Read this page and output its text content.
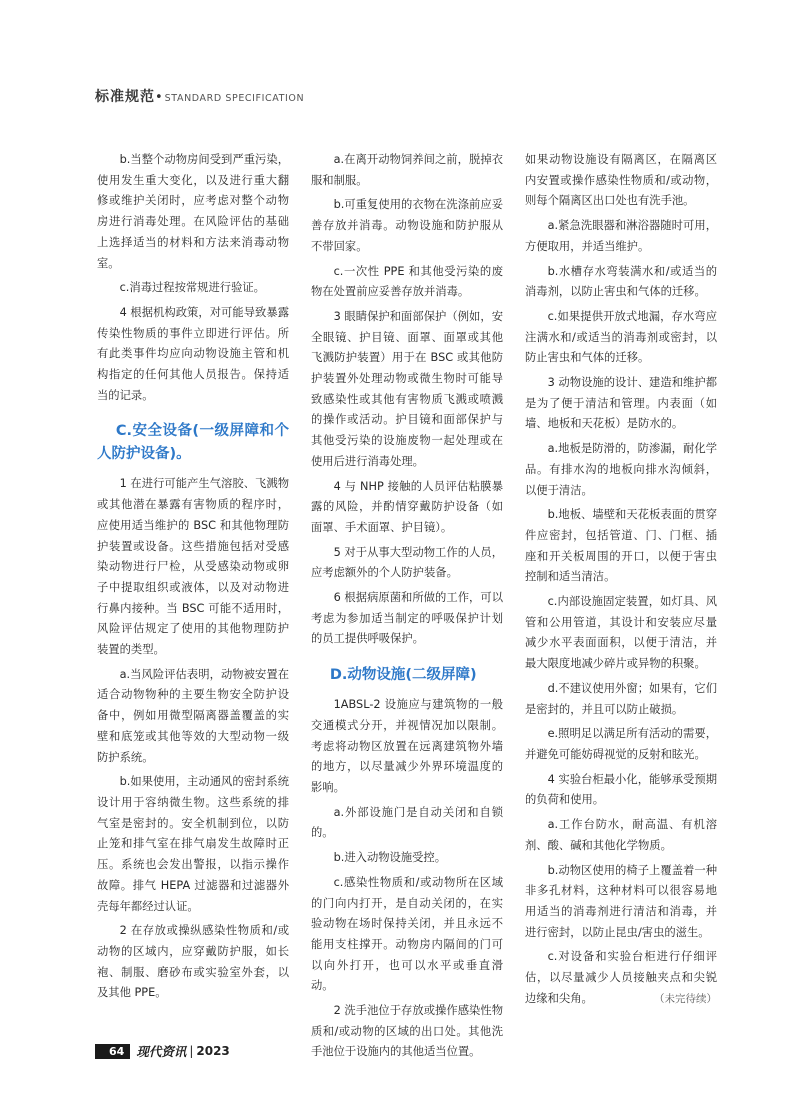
标准规范• STANDARD SPECIFICATION

b.当整个动物房间受到严重污染，使用发生重大变化，以及进行重大翻修或维护关闭时，应考虑对整个动物房进行消毒处理。在风险评估的基础上选择适当的材料和方法来消毒动物室。

c.消毒过程按常规进行验证。

4 根据机构政策，对可能导致暴露传染性物质的事件立即进行评估。所有此类事件均应向动物设施主管和机构指定的任何其他人员报告。保持适当的记录。

C.安全设备(一级屏障和个人防护设备)。

1 在进行可能产生气溶胶、飞溅物或其他潜在暴露有害物质的程序时，应使用适当维护的 BSC 和其他物理防护装置或设备。这些措施包括对受感染动物进行尸检，从受感染动物或卵子中提取组织或液体，以及对动物进行鼻内接种。当 BSC 可能不适用时，风险评估规定了使用的其他物理防护装置的类型。

a.当风险评估表明，动物被安置在适合动物物种的主要生物安全防护设备中，例如用微型隔离器盖覆盖的实壁和底笼或其他等效的大型动物一级防护系统。

b.如果使用，主动通风的密封系统设计用于容纳微生物。这些系统的排气室是密封的。安全机制到位，以防止笼和排气室在排气扇发生故障时正压。系统也会发出警报，以指示操作故障。排气 HEPA 过滤器和过滤器外壳每年都经过认证。

2 在存放或操纵感染性物质和/或动物的区域内，应穿戴防护服，如长袍、制服、磨砂布或实验室外套，以及其他 PPE。

a.在离开动物饲养间之前，脱掉衣服和制服。

b.可重复使用的衣物在洗涤前应妥善存放并消毒。动物设施和防护服从不带回家。

c.一次性 PPE 和其他受污染的废物在处置前应妥善存放并消毒。

3 眼睛保护和面部保护（例如，安全眼镜、护目镜、面罩、面罩或其他飞溅防护装置）用于在 BSC 或其他防护装置外处理动物或微生物时可能导致感染性或其他有害物质飞溅或喷溅的操作或活动。护目镜和面部保护与其他受污染的设施废物一起处理或在使用后进行消毒处理。

4 与 NHP 接触的人员评估粘膜暴露的风险，并酌情穿戴防护设备（如面罩、手术面罩、护目镜）。

5 对于从事大型动物工作的人员，应考虑额外的个人防护装备。

6 根据病原菌和所做的工作，可以考虑为参加适当制定的呼吸保护计划的员工提供呼吸保护。

D.动物设施(二级屏障)

1ABSL-2 设施应与建筑物的一般交通模式分开，并视情况加以限制。考虑将动物区放置在远离建筑物外墙的地方，以尽量减少外界环境温度的影响。

a.外部设施门是自动关闭和自锁的。

b.进入动物设施受控。

c.感染性物质和/或动物所在区域的门向内打开，是自动关闭的，在实验动物在场时保持关闭，并且永远不能用支柱撑开。动物房内隔间的门可以向外打开，也可以水平或垂直滑动。

2 洗手池位于存放或操作感染性物质和/或动物的区域的出口处。其他洗手池位于设施内的其他适当位置。

如果动物设施设有隔离区，在隔离区内安置或操作感染性物质和/或动物，则每个隔离区出口处也有洗手池。

a.紧急洗眼器和淋浴器随时可用，方便取用，并适当维护。

b.水槽存水弯装满水和/或适当的消毒剂，以防止害虫和气体的迁移。

c.如果提供开放式地漏，存水弯应注满水和/或适当的消毒剂或密封，以防止害虫和气体的迁移。

3 动物设施的设计、建造和维护都是为了便于清洁和管理。内表面（如墙、地板和天花板）是防水的。

a.地板是防滑的，防渗漏，耐化学品。有排水沟的地板向排水沟倾斜，以便于清洁。

b.地板、墙壁和天花板表面的贯穿件应密封，包括管道、门、门框、插座和开关板周围的开口，以便于害虫控制和适当清洁。

c.内部设施固定装置，如灯具、风管和公用管道，其设计和安装应尽量减少水平表面面积，以便于清洁，并最大限度地减少碎片或异物的积聚。

d.不建议使用外窗；如果有，它们是密封的，并且可以防止破损。

e.照明足以满足所有活动的需要，并避免可能妨碍视觉的反射和眩光。

4 实验台柜最小化，能够承受预期的负荷和使用。

a.工作台防水，耐高温、有机溶剂、酸、碱和其他化学物质。

b.动物区使用的椅子上覆盖着一种非多孔材料，这种材料可以很容易地用适当的消毒剂进行清洁和消毒，并进行密封，以防止昆虫/害虫的滋生。

c.对设备和实验台柜进行仔细评估，以尽量减少人员接触夹点和尖锐边缘和尖角。	（未完待续）

64 现代资讯 | 2023
